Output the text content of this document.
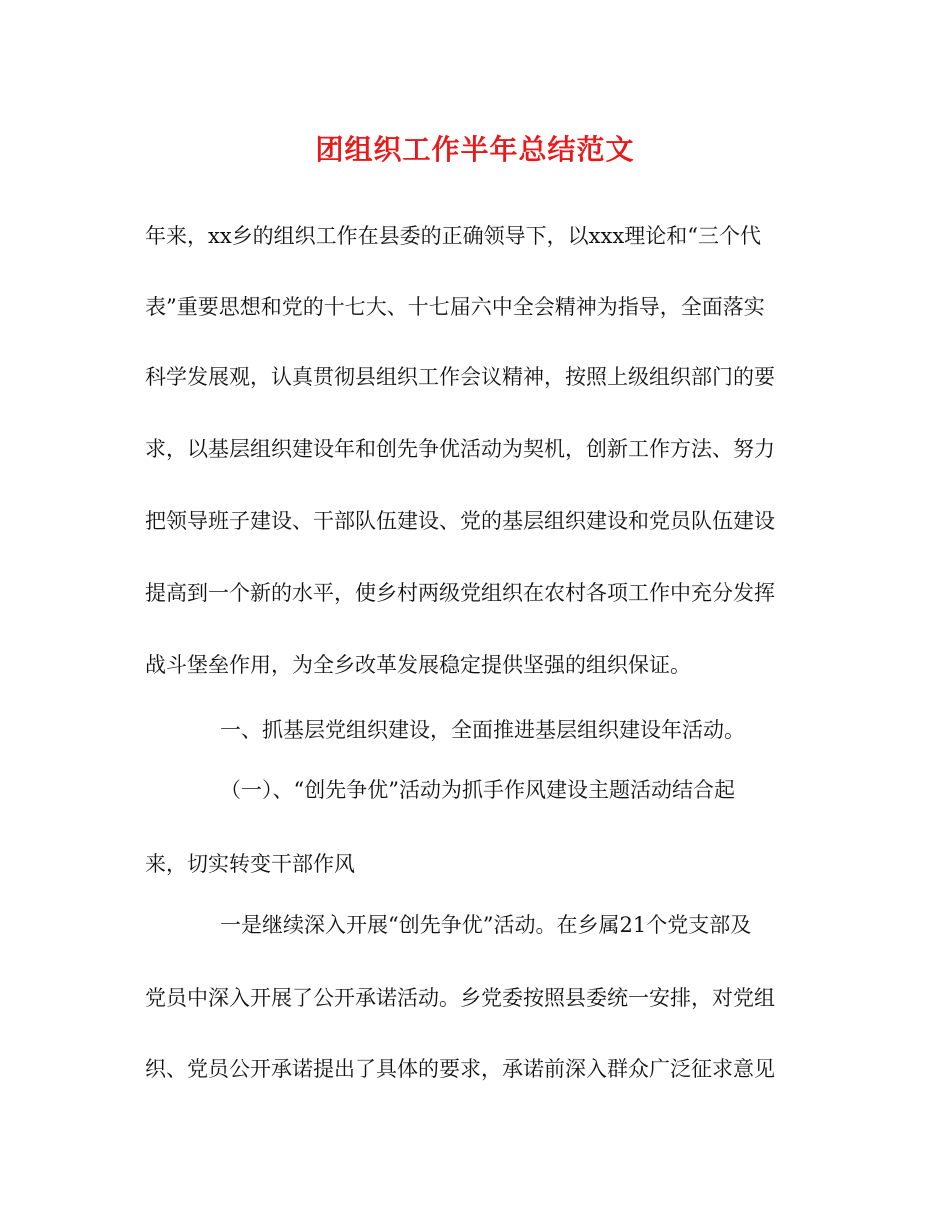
团组织工作半年总结范文
年来，xx乡的组织工作在县委的正确领导下，以xxx理论和“三个代
表”重要思想和党的十七大、十七届六中全会精神为指导，全面落实
科学发展观，认真贯彻县组织工作会议精神，按照上级组织部门的要
求，以基层组织建设年和创先争优活动为契机，创新工作方法、努力
把领导班子建设、干部队伍建设、党的基层组织建设和党员队伍建设
提高到一个新的水平，使乡村两级党组织在农村各项工作中充分发挥
战斗堡垒作用，为全乡改革发展稳定提供坚强的组织保证。
一、抓基层党组织建设，全面推进基层组织建设年活动。
（一）、“创先争优”活动为抓手作风建设主题活动结合起
来，切实转变干部作风
一是继续深入开展“创先争优”活动。在乡属21个党支部及
党员中深入开展了公开承诺活动。乡党委按照县委统一安排，对党组
织、党员公开承诺提出了具体的要求，承诺前深入群众广泛征求意见
